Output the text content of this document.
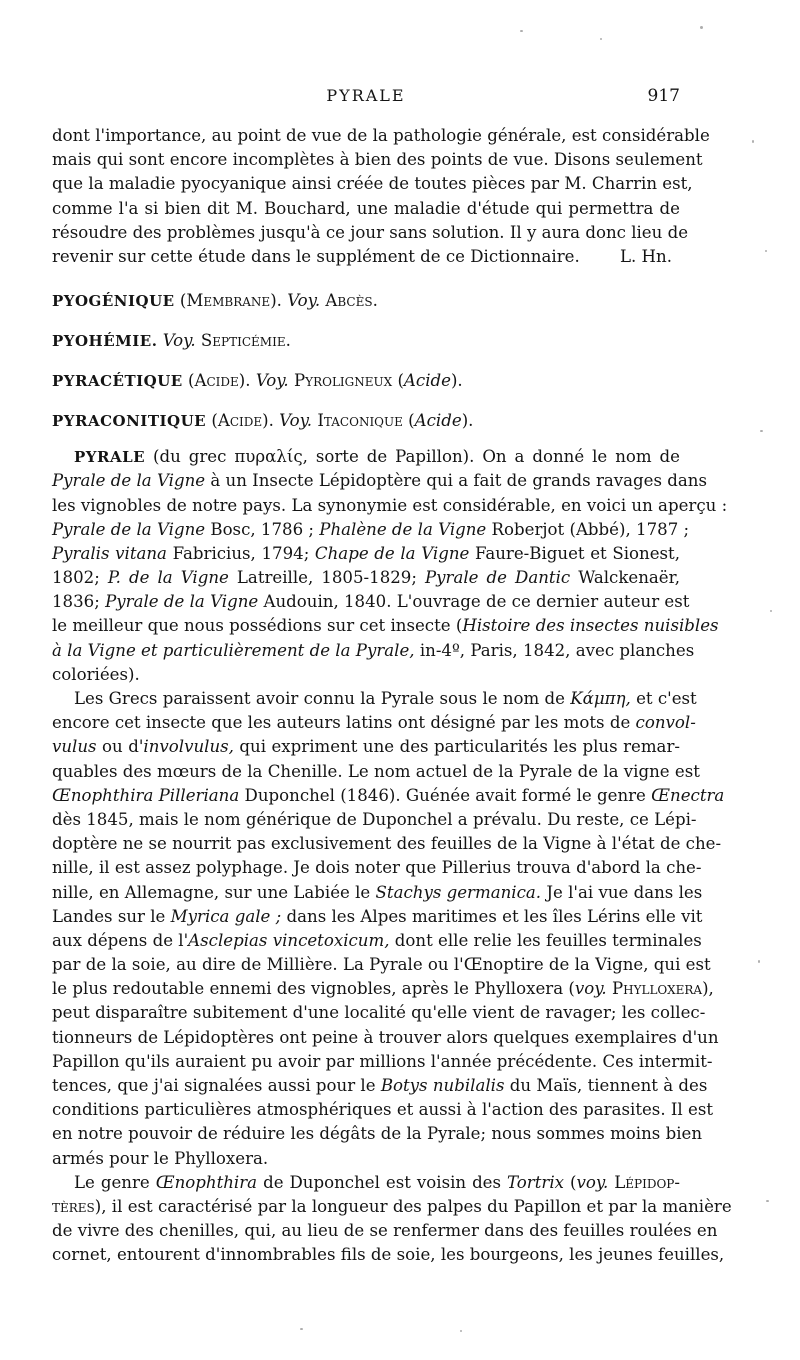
PYRALE	917
dont l'importance, au point de vue de la pathologie générale, est considérable
mais qui sont encore incomplètes à bien des points de vue. Disons seulement
que la maladie pyocyanique ainsi créée de toutes pièces par M. Charrin est,
comme l'a si bien dit M. Bouchard, une maladie d'étude qui permettra de
résoudre des problèmes jusqu'à ce jour sans solution. Il y aura donc lieu de
revenir sur cette étude dans le supplément de ce Dictionnaire. L. Hn.
PYOGÉNIQUE (Membrane). Voy. Abcès.
PYOHÉMIE. Voy. Septicémie.
PYRACÉTIQUE (Acide). Voy. Pyroligneux (Acide).
PYRACONITIQUE (Acide). Voy. Itaconique (Acide).
PYRALE (du grec πυραλίς, sorte de Papillon). On a donné le nom de
Pyrale de la Vigne à un Insecte Lépidoptère qui a fait de grands ravages dans
les vignobles de notre pays. La synonymie est considérable, en voici un aperçu :
Pyrale de la Vigne Bosc, 1786 ; Phalène de la Vigne Roberjot (Abbé), 1787 ;
Pyralis vitana Fabricius, 1794; Chape de la Vigne Faure-Biguet et Sionest,
1802; P. de la Vigne Latreille, 1805-1829; Pyrale de Dantic Walckenaër,
1836; Pyrale de la Vigne Audouin, 1840. L'ouvrage de ce dernier auteur est
le meilleur que nous possédions sur cet insecte (Histoire des insectes nuisibles
à la Vigne et particulièrement de la Pyrale, in-4º, Paris, 1842, avec planches
coloriées).
Les Grecs paraissent avoir connu la Pyrale sous le nom de Κάμπη, et c'est
encore cet insecte que les auteurs latins ont désigné par les mots de convol-
vulus ou d'involvulus, qui expriment une des particularités les plus remar-
quables des mœurs de la Chenille. Le nom actuel de la Pyrale de la vigne est
Œnophthira Pilleriana Duponchel (1846). Guénée avait formé le genre Œnectra
dès 1845, mais le nom générique de Duponchel a prévalu. Du reste, ce Lépi-
doptère ne se nourrit pas exclusivement des feuilles de la Vigne à l'état de che-
nille, il est assez polyphage. Je dois noter que Pillerius trouva d'abord la che-
nille, en Allemagne, sur une Labiée le Stachys germanica. Je l'ai vue dans les
Landes sur le Myrica gale ; dans les Alpes maritimes et les îles Lérins elle vit
aux dépens de l'Asclepias vincetoxicum, dont elle relie les feuilles terminales
par de la soie, au dire de Millière. La Pyrale ou l'Œnoptire de la Vigne, qui est
le plus redoutable ennemi des vignobles, après le Phylloxera (voy. Phylloxera),
peut disparaître subitement d'une localité qu'elle vient de ravager; les collec-
tionneurs de Lépidoptères ont peine à trouver alors quelques exemplaires d'un
Papillon qu'ils auraient pu avoir par millions l'année précédente. Ces intermit-
tences, que j'ai signalées aussi pour le Botys nubilalis du Maïs, tiennent à des
conditions particulières atmosphériques et aussi à l'action des parasites. Il est
en notre pouvoir de réduire les dégâts de la Pyrale; nous sommes moins bien
armés pour le Phylloxera.
Le genre Œnophthira de Duponchel est voisin des Tortrix (voy. Lépidop-
tères), il est caractérisé par la longueur des palpes du Papillon et par la manière
de vivre des chenilles, qui, au lieu de se renfermer dans des feuilles roulées en
cornet, entourent d'innombrables fils de soie, les bourgeons, les jeunes feuilles,
